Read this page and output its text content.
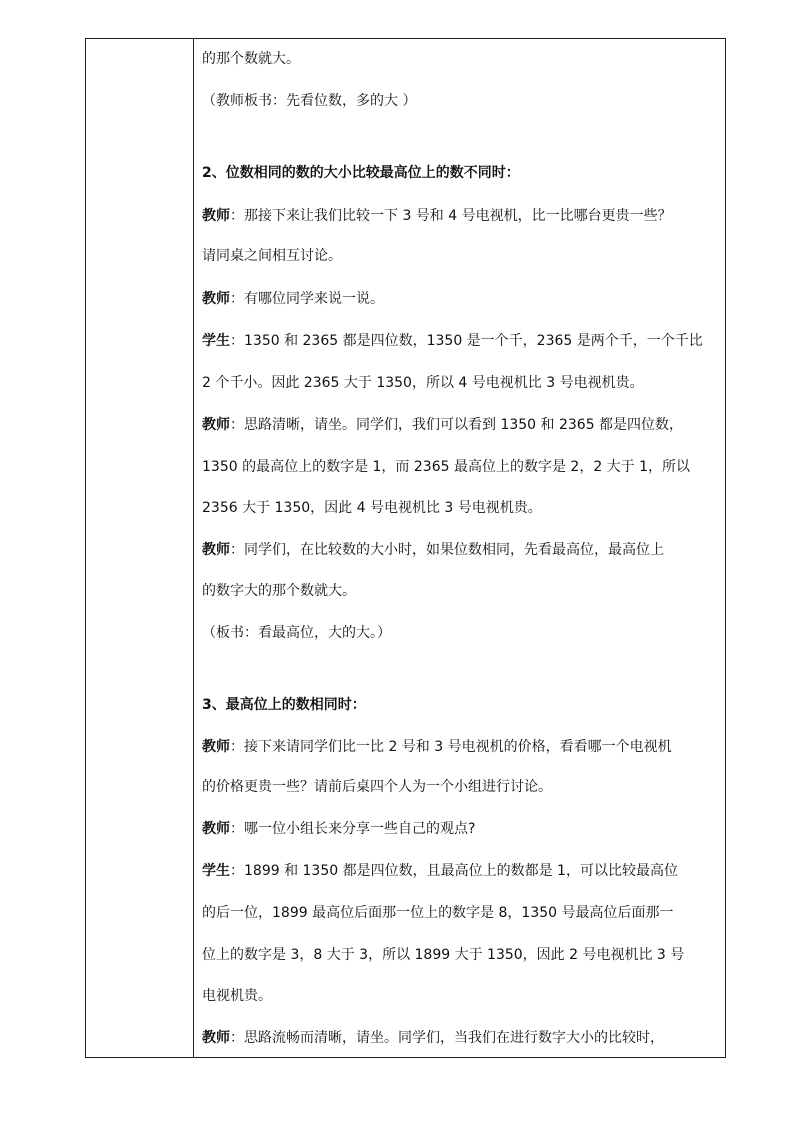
的那个数就大。
（教师板书：先看位数，多的大 ）
2、位数相同的数的大小比较最高位上的数不同时：
教师：那接下来让我们比较一下 3 号和 4 号电视机，比一比哪台更贵一些？
请同桌之间相互讨论。
教师：有哪位同学来说一说。
学生：1350 和 2365 都是四位数，1350 是一个千，2365 是两个千，一个千比
2 个千小。因此 2365 大于 1350，所以 4 号电视机比 3 号电视机贵。
教师：思路清晰，请坐。同学们，我们可以看到 1350 和 2365 都是四位数，
1350 的最高位上的数字是 1，而 2365 最高位上的数字是 2，2 大于 1，所以
2356 大于 1350，因此 4 号电视机比 3 号电视机贵。
教师：同学们，在比较数的大小时，如果位数相同，先看最高位，最高位上
的数字大的那个数就大。
（板书：看最高位，大的大。）
3、最高位上的数相同时：
教师：接下来请同学们比一比 2 号和 3 号电视机的价格，看看哪一个电视机
的价格更贵一些？请前后桌四个人为一个小组进行讨论。
教师：哪一位小组长来分享一些自己的观点?
学生：1899 和 1350 都是四位数，且最高位上的数都是 1，可以比较最高位
的后一位，1899 最高位后面那一位上的数字是 8，1350 号最高位后面那一
位上的数字是 3，8 大于 3，所以 1899 大于 1350，因此 2 号电视机比 3 号
电视机贵。
教师：思路流畅而清晰，请坐。同学们，当我们在进行数字大小的比较时，
